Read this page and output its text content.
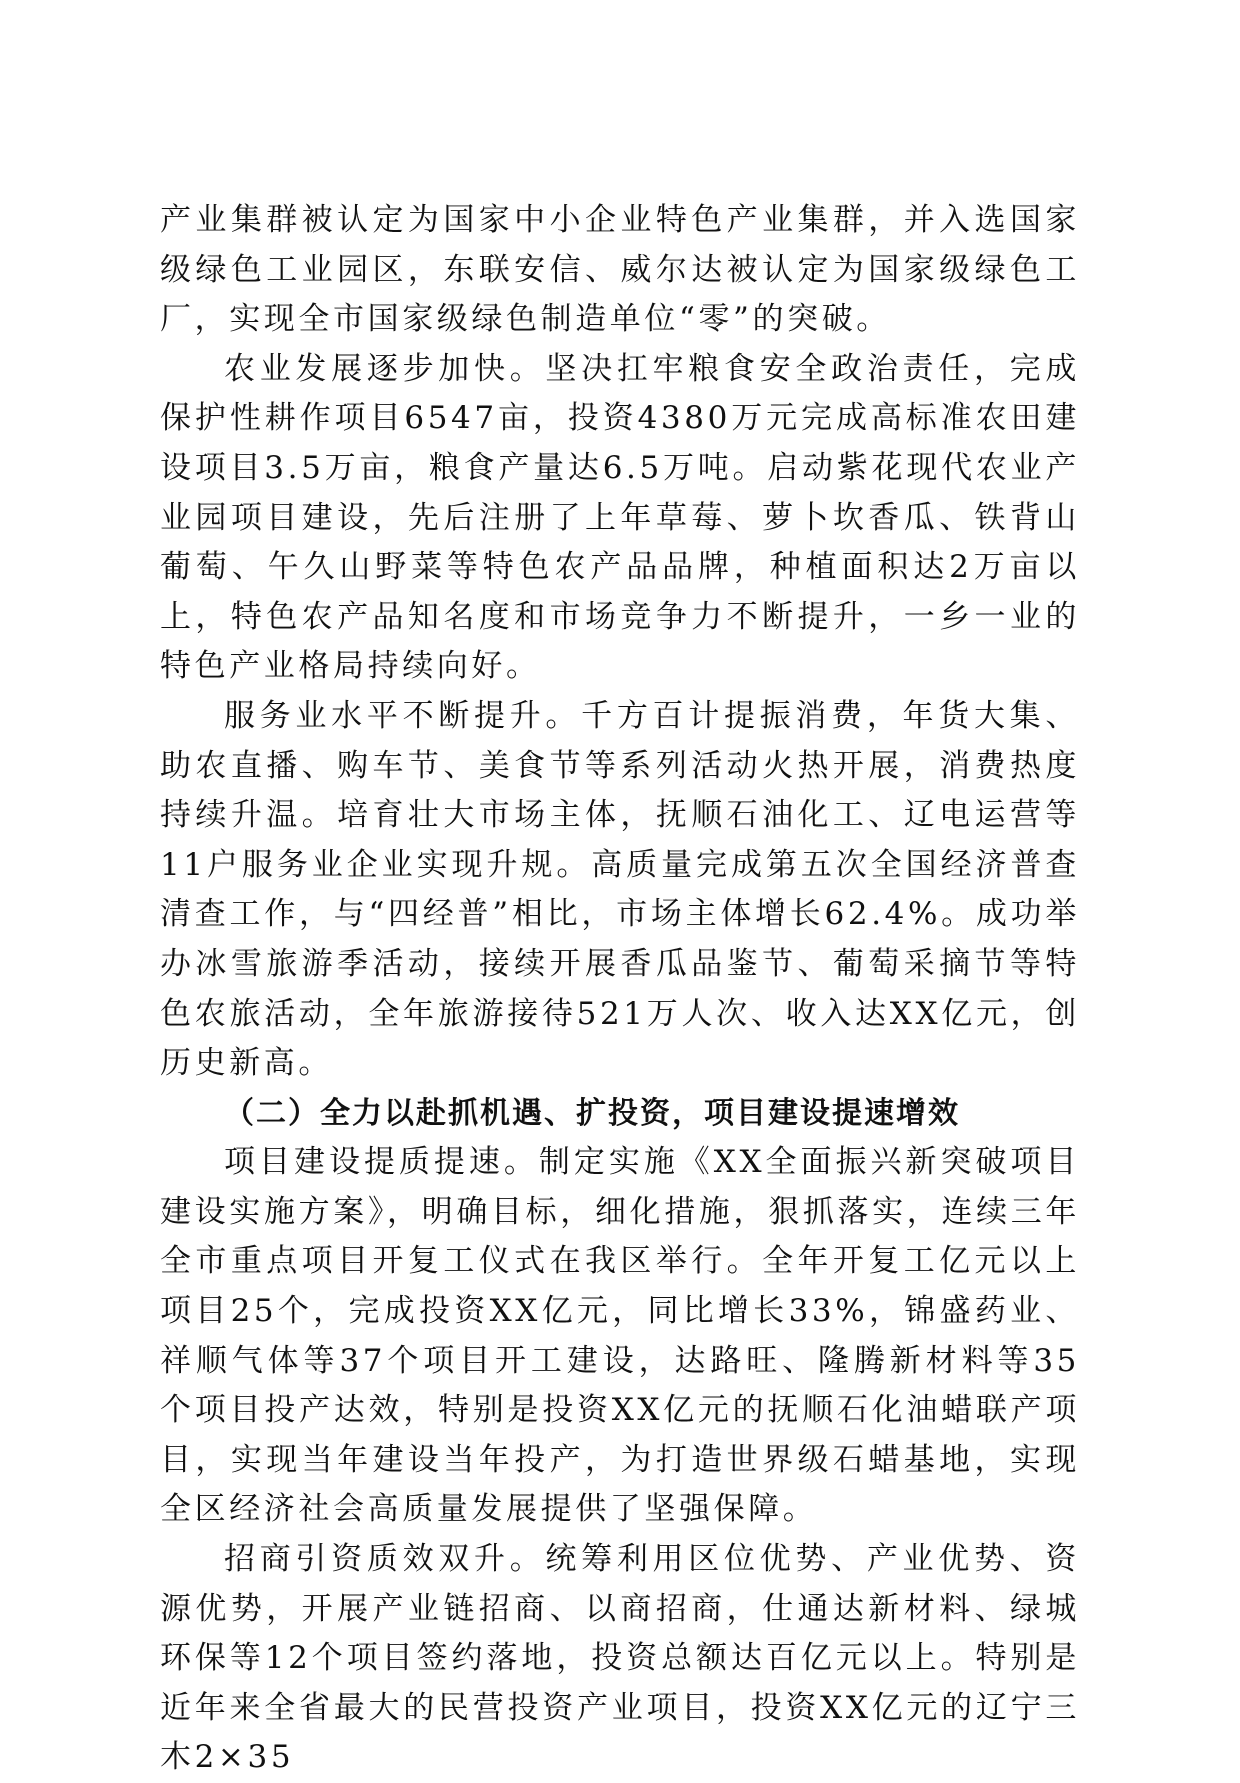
产业集群被认定为国家中小企业特色产业集群，并入选国家级绿色工业园区，东联安信、威尔达被认定为国家级绿色工厂，实现全市国家级绿色制造单位“零”的突破。

农业发展逐步加快。坚决扛牢粮食安全政治责任，完成保护性耕作项目6547亩，投资4380万元完成高标准农田建设项目3.5万亩，粮食产量达6.5万吨。启动紫花现代农业产业园项目建设，先后注册了上年草莓、萝卜坎香瓜、铁背山葡萄、午久山野菜等特色农产品品牌，种植面积达2万亩以上，特色农产品知名度和市场竞争力不断提升，一乡一业的特色产业格局持续向好。

服务业水平不断提升。千方百计提振消费，年货大集、助农直播、购车节、美食节等系列活动火热开展，消费热度持续升温。培育壮大市场主体，抚顺石油化工、辽电运营等11户服务业企业实现升规。高质量完成第五次全国经济普查清查工作，与“四经普”相比，市场主体增长62.4%。成功举办冰雪旅游季活动，接续开展香瓜品鉴节、葡萄采摘节等特色农旅活动，全年旅游接待521万人次、收入达XX亿元，创历史新高。

（二）全力以赴抓机遇、扩投资，项目建设提速增效

项目建设提质提速。制定实施《XX全面振兴新突破项目建设实施方案》，明确目标，细化措施，狠抓落实，连续三年全市重点项目开复工仪式在我区举行。全年开复工亿元以上项目25个，完成投资XX亿元，同比增长33%，锦盛药业、祥顺气体等37个项目开工建设，达路旺、隆腾新材料等35个项目投产达效，特别是投资XX亿元的抚顺石化油蜡联产项目，实现当年建设当年投产，为打造世界级石蜡基地，实现全区经济社会高质量发展提供了坚强保障。

招商引资质效双升。统筹利用区位优势、产业优势、资源优势，开展产业链招商、以商招商，仕通达新材料、绿城环保等12个项目签约落地，投资总额达百亿元以上。特别是近年来全省最大的民营投资产业项目，投资XX亿元的辽宁三木2×35
